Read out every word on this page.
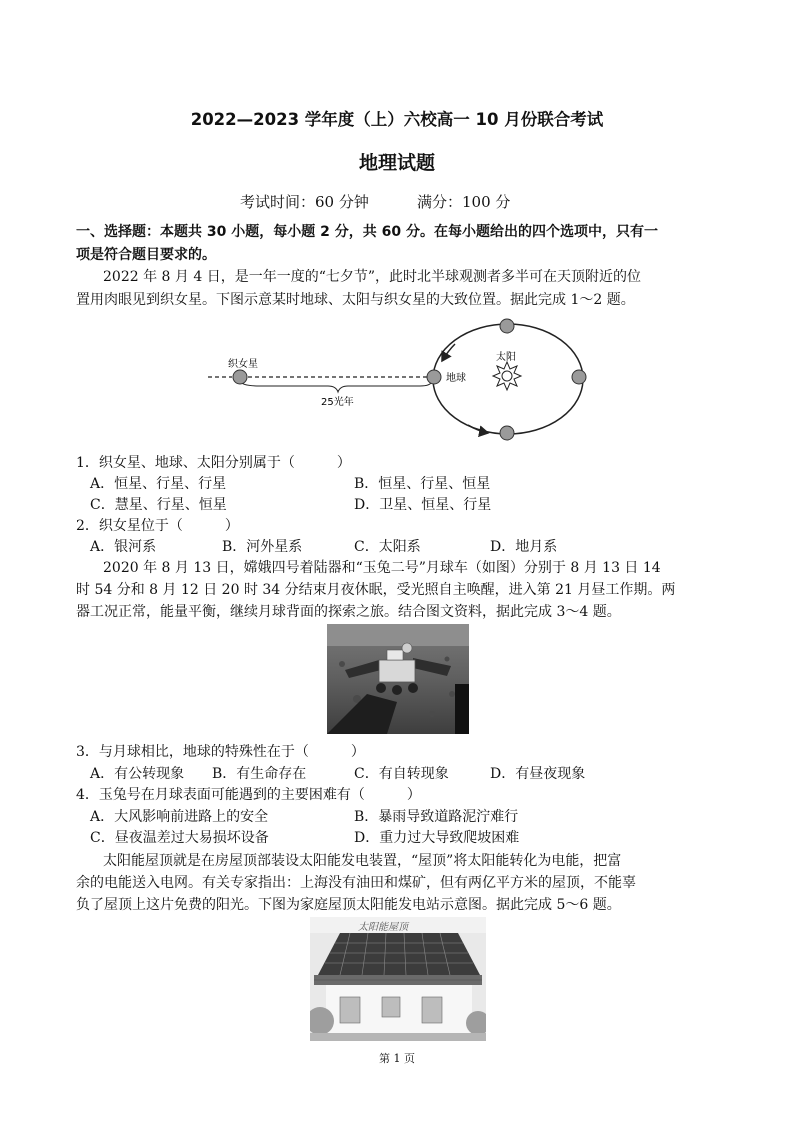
2022—2023 学年度（上）六校高一 10 月份联合考试
地理试题
考试时间：60 分钟	满分：100 分
一、选择题：本题共 30 小题，每小题 2 分，共 60 分。在每小题给出的四个选项中，只有一
项是符合题目要求的。
2022 年 8 月 4 日，是一年一度的“七夕节”，此时北半球观测者多半可在天顶附近的位
置用肉眼见到织女星。下图示意某时地球、太阳与织女星的大致位置。据此完成 1～2 题。
织女星
地球
太阳
25光年
1．织女星、地球、太阳分别属于（　　　）
A．恒星、行星、行星	B．恒星、行星、恒星
C．慧星、行星、恒星	D．卫星、恒星、行星
2．织女星位于（　　　）
A．银河系	B．河外星系	C．太阳系	D．地月系
2020 年 8 月 13 日，嫦娥四号着陆器和“玉兔二号”月球车（如图）分别于 8 月 13 日 14
时 54 分和 8 月 12 日 20 时 34 分结束月夜休眠，受光照自主唤醒，进入第 21 月昼工作期。两
器工况正常，能量平衡，继续月球背面的探索之旅。结合图文资料，据此完成 3～4 题。
3．与月球相比，地球的特殊性在于（　　　）
A．有公转现象 B．有生命存在	C．有自转现象	D．有昼夜现象
4．玉兔号在月球表面可能遇到的主要困难有（　　　）
A．大风影响前进路上的安全	B．暴雨导致道路泥泞难行
C．昼夜温差过大易损坏设备	D．重力过大导致爬坡困难
太阳能屋顶就是在房屋顶部装设太阳能发电装置，“屋顶”将太阳能转化为电能，把富
余的电能送入电网。有关专家指出：上海没有油田和煤矿，但有两亿平方米的屋顶，不能辜
负了屋顶上这片免费的阳光。下图为家庭屋顶太阳能发电站示意图。据此完成 5～6 题。
太阳能屋顶
第 1 页
